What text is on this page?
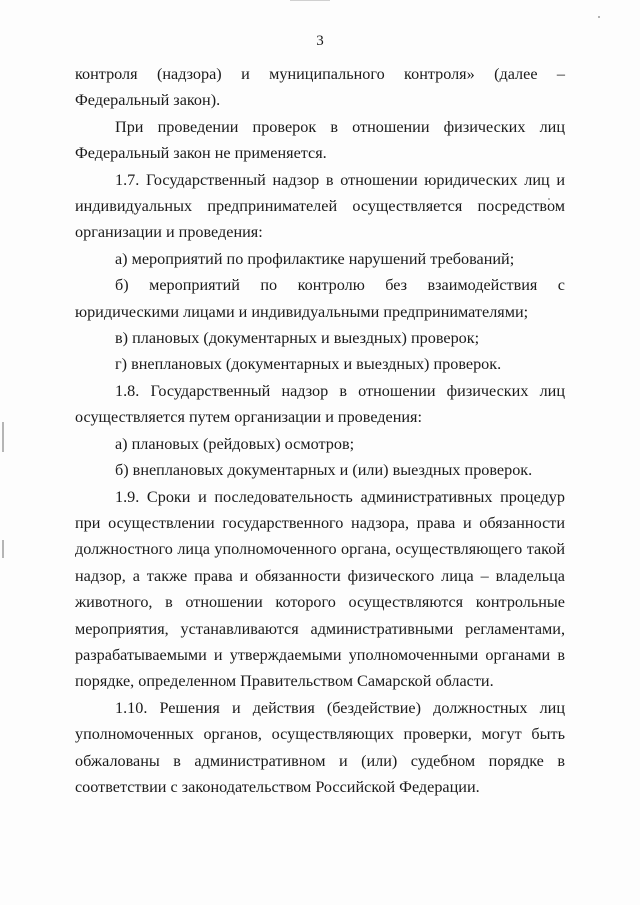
3

контроля (надзора) и муниципального контроля» (далее – Федеральный закон).

При проведении проверок в отношении физических лиц Федеральный закон не применяется.

1.7. Государственный надзор в отношении юридических лиц и индивидуальных предпринимателей осуществляется посредством организации и проведения:

а) мероприятий по профилактике нарушений требований;

б) мероприятий по контролю без взаимодействия с юридическими лицами и индивидуальными предпринимателями;

в) плановых (документарных и выездных) проверок;

г) внеплановых (документарных и выездных) проверок.

1.8. Государственный надзор в отношении физических лиц осуществляется путем организации и проведения:

а) плановых (рейдовых) осмотров;

б) внеплановых документарных и (или) выездных проверок.

1.9. Сроки и последовательность административных процедур при осуществлении государственного надзора, права и обязанности должностного лица уполномоченного органа, осуществляющего такой надзор, а также права и обязанности физического лица – владельца животного, в отношении которого осуществляются контрольные мероприятия, устанавливаются административными регламентами, разрабатываемыми и утверждаемыми уполномоченными органами в порядке, определенном Правительством Самарской области.

1.10. Решения и действия (бездействие) должностных лиц уполномоченных органов, осуществляющих проверки, могут быть обжалованы в административном и (или) судебном порядке в соответствии с законодательством Российской Федерации.
